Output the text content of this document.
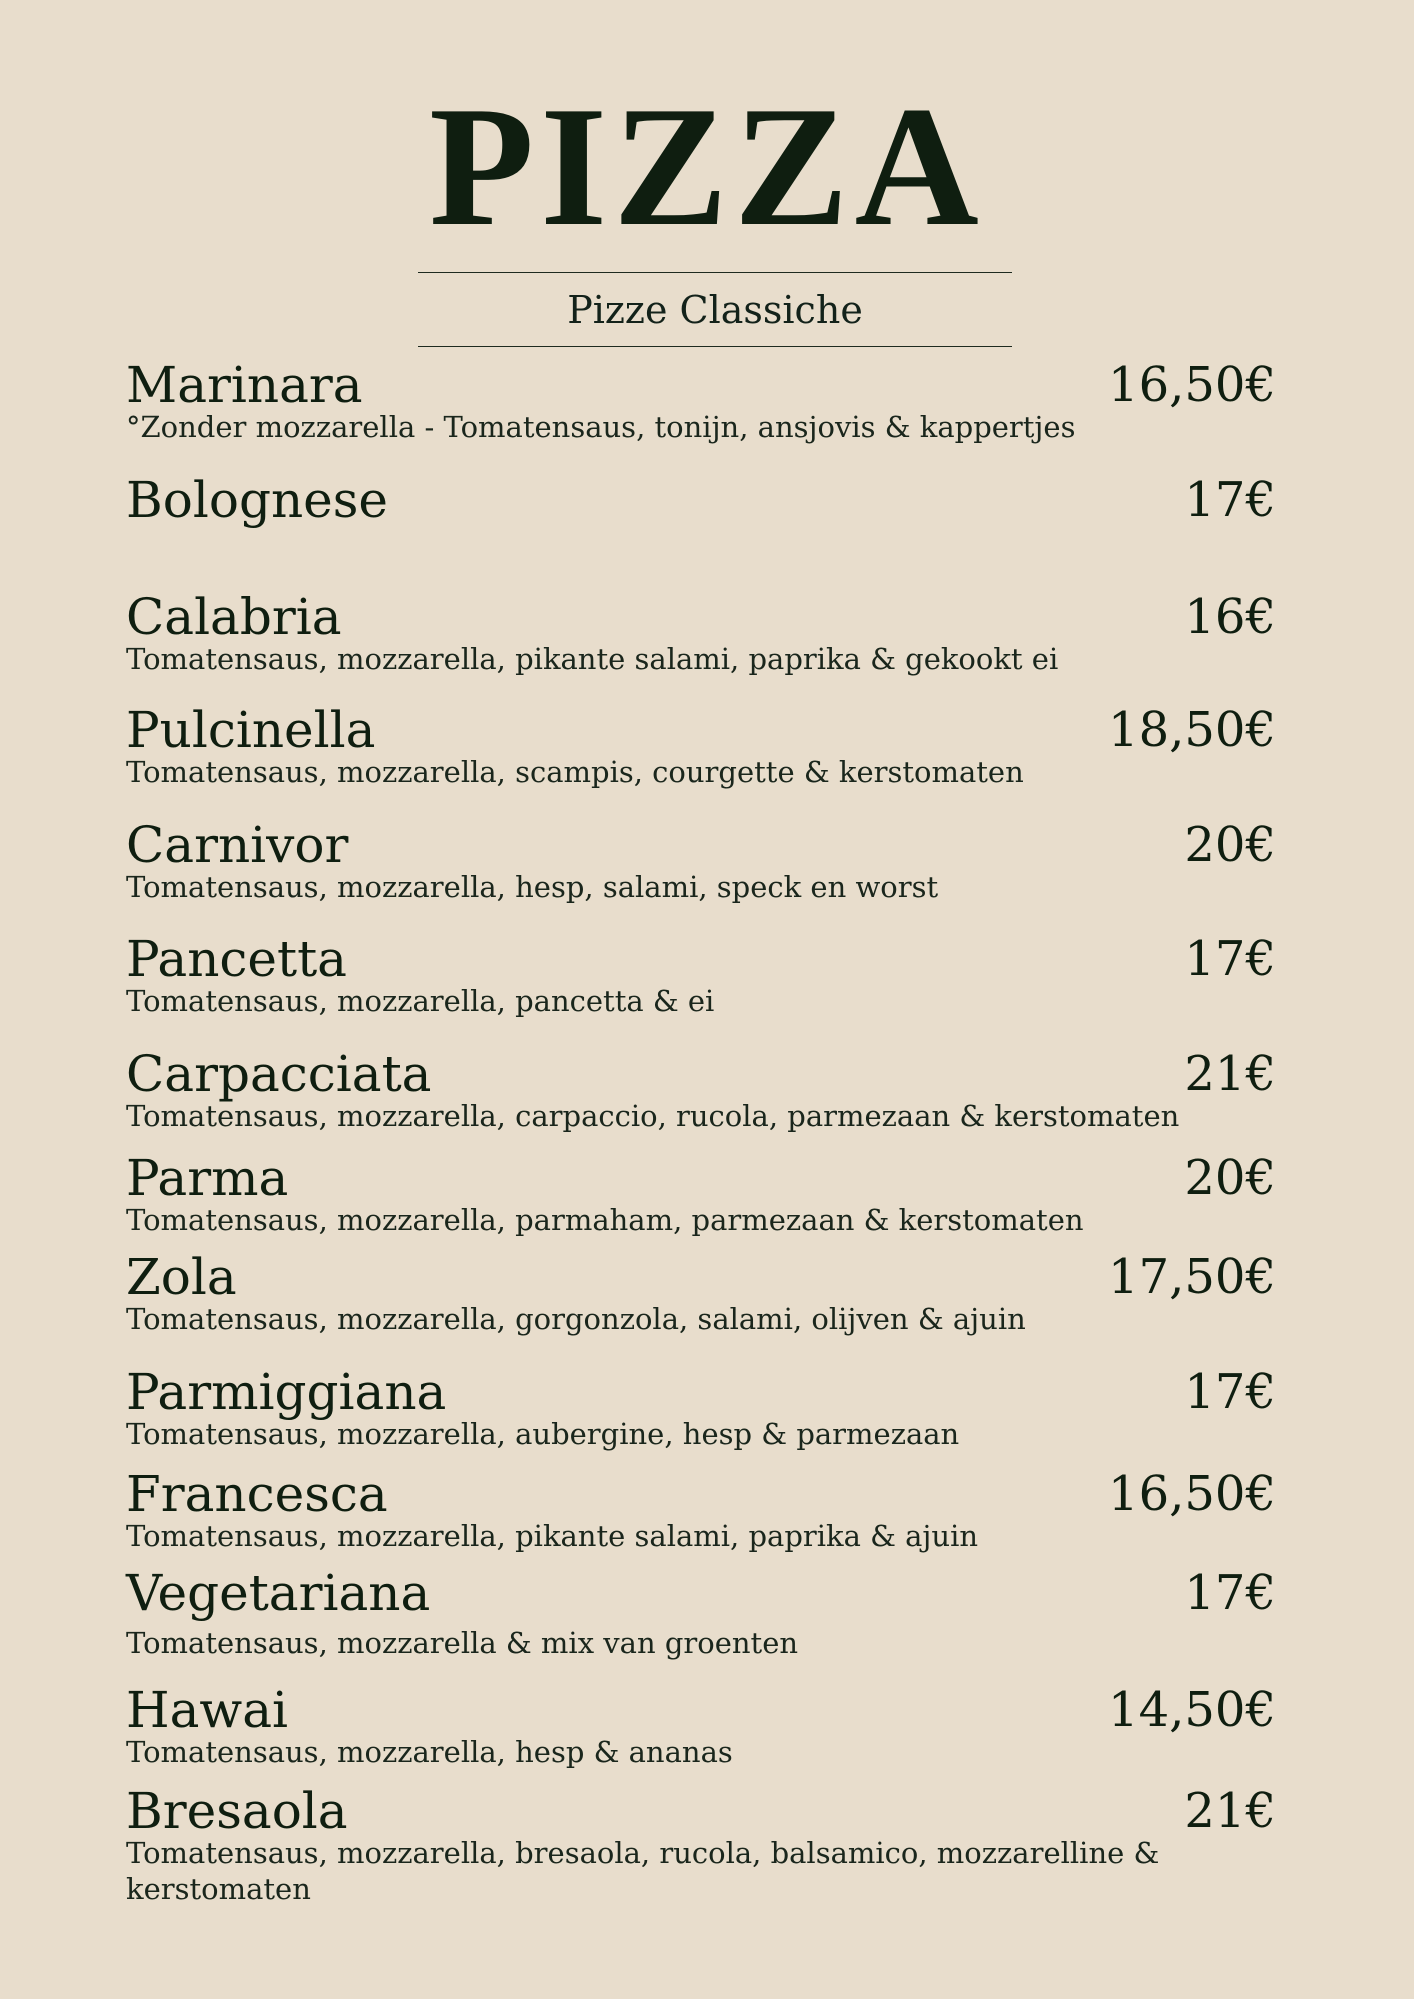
PIZZA
Pizze Classiche
Marinara	16,50€
°Zonder mozzarella - Tomatensaus, tonijn, ansjovis & kappertjes
Bolognese	17€
Calabria	16€
Tomatensaus, mozzarella, pikante salami, paprika & gekookt ei
Pulcinella	18,50€
Tomatensaus, mozzarella, scampis, courgette & kerstomaten
Carnivor	20€
Tomatensaus, mozzarella, hesp, salami, speck en worst
Pancetta	17€
Tomatensaus, mozzarella, pancetta & ei
Carpacciata	21€
Tomatensaus, mozzarella, carpaccio, rucola, parmezaan & kerstomaten
Parma	20€
Tomatensaus, mozzarella, parmaham, parmezaan & kerstomaten
Zola	17,50€
Tomatensaus, mozzarella, gorgonzola, salami, olijven & ajuin
Parmiggiana	17€
Tomatensaus, mozzarella, aubergine, hesp & parmezaan
Francesca	16,50€
Tomatensaus, mozzarella, pikante salami, paprika & ajuin
Vegetariana	17€
Tomatensaus, mozzarella & mix van groenten
Hawai	14,50€
Tomatensaus, mozzarella, hesp & ananas
Bresaola	21€
Tomatensaus, mozzarella, bresaola, rucola, balsamico, mozzarelline & kerstomaten
